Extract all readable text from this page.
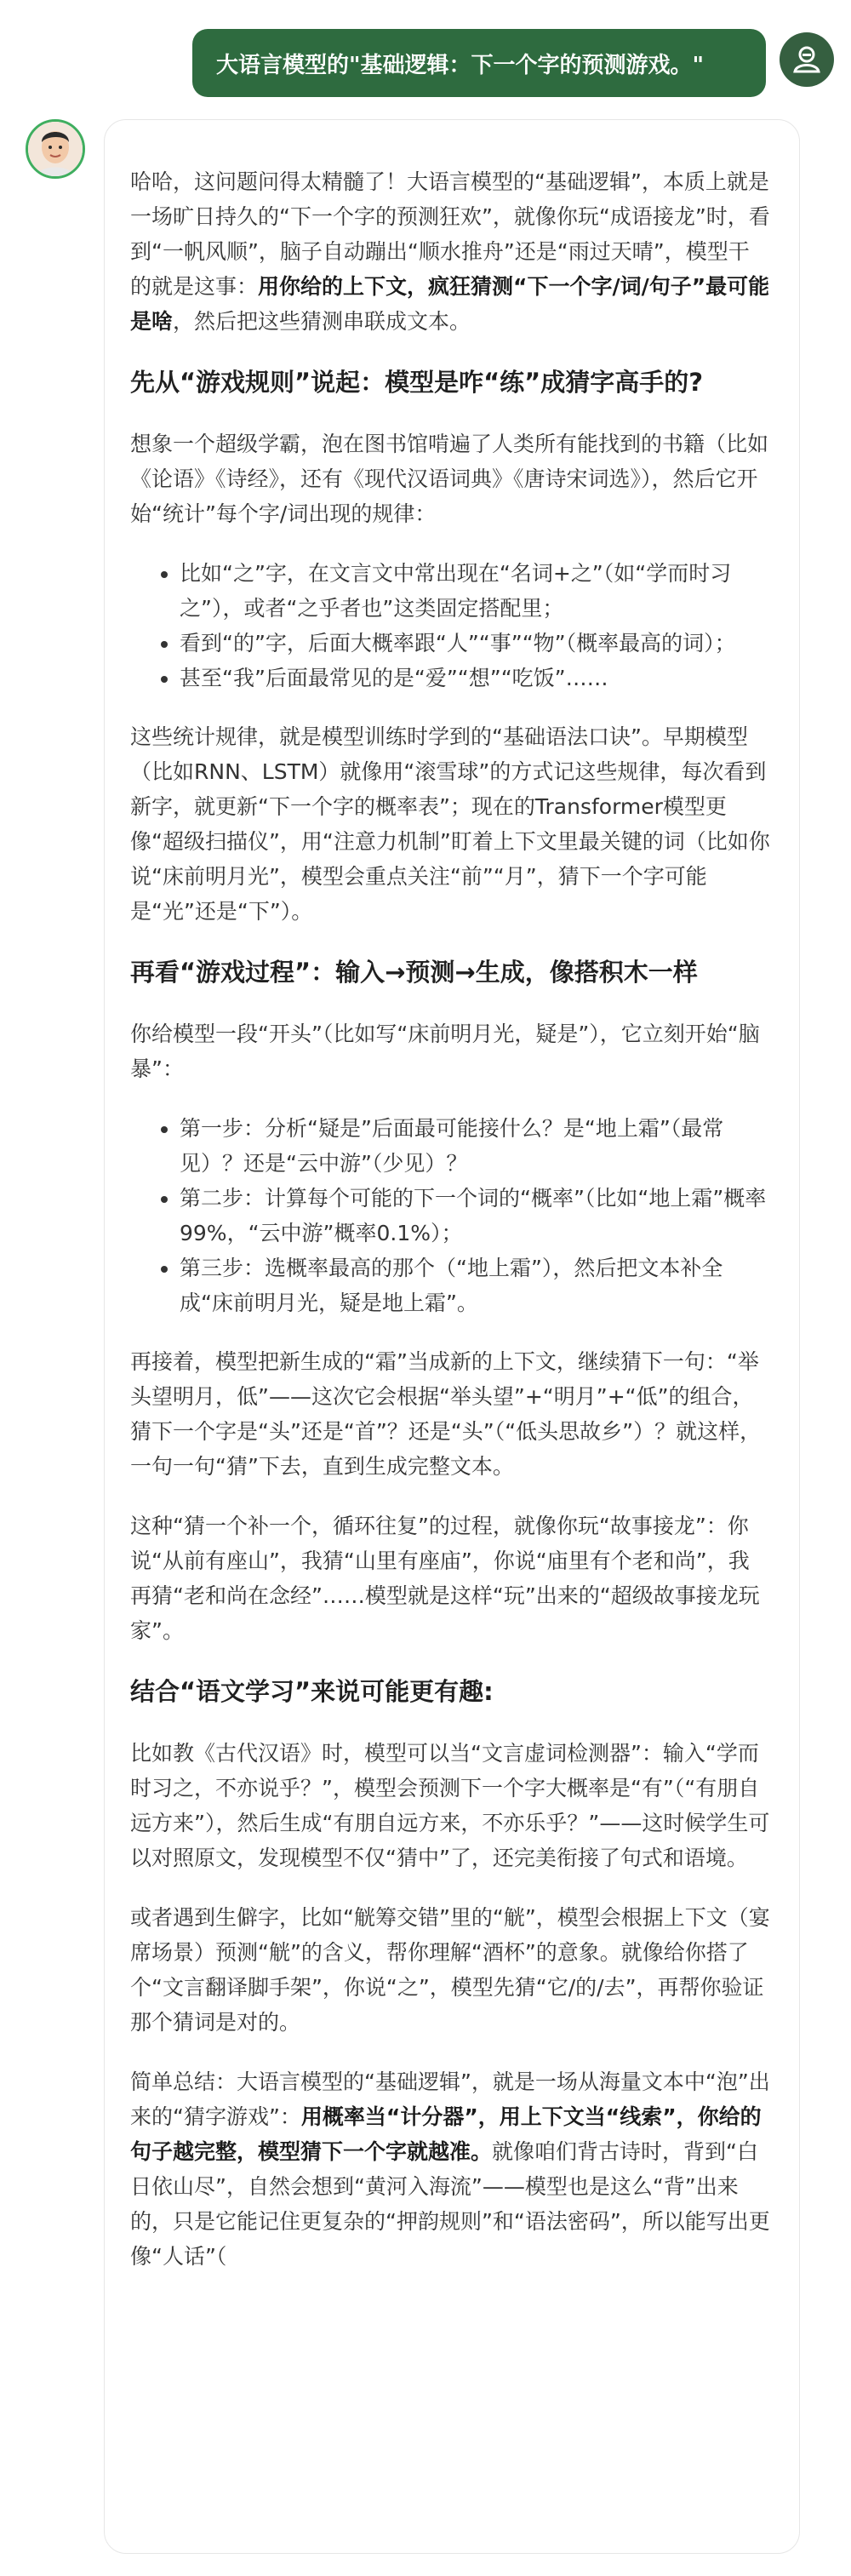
大语言模型的"基础逻辑：下一个字的预测游戏。"

哈哈，这问题问得太精髓了！大语言模型的“基础逻辑”，本质上就是一场旷日持久的“下一个字的预测狂欢”，就像你玩“成语接龙”时，看到“一帆风顺”，脑子自动蹦出“顺水推舟”还是“雨过天晴”，模型干的就是这事：用你给的上下文，疯狂猜测“下一个字/词/句子”最可能是啥，然后把这些猜测串联成文本。

先从“游戏规则”说起：模型是咋“练”成猜字高手的?

想象一个超级学霸，泡在图书馆啃遍了人类所有能找到的书籍（比如《论语》《诗经》，还有《现代汉语词典》《唐诗宋词选》），然后它开始“统计”每个字/词出现的规律：

• 比如“之”字，在文言文中常出现在“名词+之”（如“学而时习之”），或者“之乎者也”这类固定搭配里；
• 看到“的”字，后面大概率跟“人”“事”“物”（概率最高的词）；
• 甚至“我”后面最常见的是“爱”“想”“吃饭”……

这些统计规律，就是模型训练时学到的“基础语法口诀”。早期模型（比如RNN、LSTM）就像用“滚雪球”的方式记这些规律，每次看到新字，就更新“下一个字的概率表”；现在的Transformer模型更像“超级扫描仪”，用“注意力机制”盯着上下文里最关键的词（比如你说“床前明月光”，模型会重点关注“前”“月”，猜下一个字可能是“光”还是“下”）。

再看“游戏过程”：输入→预测→生成，像搭积木一样

你给模型一段“开头”（比如写“床前明月光，疑是”），它立刻开始“脑暴”：

• 第一步：分析“疑是”后面最可能接什么？是“地上霜”（最常见）？还是“云中游”（少见）？
• 第二步：计算每个可能的下一个词的“概率”（比如“地上霜”概率99%，“云中游”概率0.1%）；
• 第三步：选概率最高的那个（“地上霜”），然后把文本补全成“床前明月光，疑是地上霜”。

再接着，模型把新生成的“霜”当成新的上下文，继续猜下一句：“举头望明月，低”——这次它会根据“举头望”+“明月”+“低”的组合，猜下一个字是“头”还是“首”？还是“头”（“低头思故乡”）？就这样，一句一句“猜”下去，直到生成完整文本。

这种“猜一个补一个，循环往复”的过程，就像你玩“故事接龙”：你说“从前有座山”，我猜“山里有座庙”，你说“庙里有个老和尚”，我再猜“老和尚在念经”……模型就是这样“玩”出来的“超级故事接龙玩家”。

结合“语文学习”来说可能更有趣:

比如教《古代汉语》时，模型可以当“文言虚词检测器”：输入“学而时习之，不亦说乎？”，模型会预测下一个字大概率是“有”（“有朋自远方来”），然后生成“有朋自远方来，不亦乐乎？”——这时候学生可以对照原文，发现模型不仅“猜中”了，还完美衔接了句式和语境。

或者遇到生僻字，比如“觥筹交错”里的“觥”，模型会根据上下文（宴席场景）预测“觥”的含义，帮你理解“酒杯”的意象。就像给你搭了个“文言翻译脚手架”，你说“之”，模型先猜“它/的/去”，再帮你验证那个猜词是对的。

简单总结：大语言模型的“基础逻辑”，就是一场从海量文本中“泡”出来的“猜字游戏”：用概率当“计分器”，用上下文当“线索”，你给的句子越完整，模型猜下一个字就越准。就像咱们背古诗时，背到“白日依山尽”，自然会想到“黄河入海流”——模型也是这么“背”出来的，只是它能记住更复杂的“押韵规则”和“语法密码”，所以能写出更像“人话”（
